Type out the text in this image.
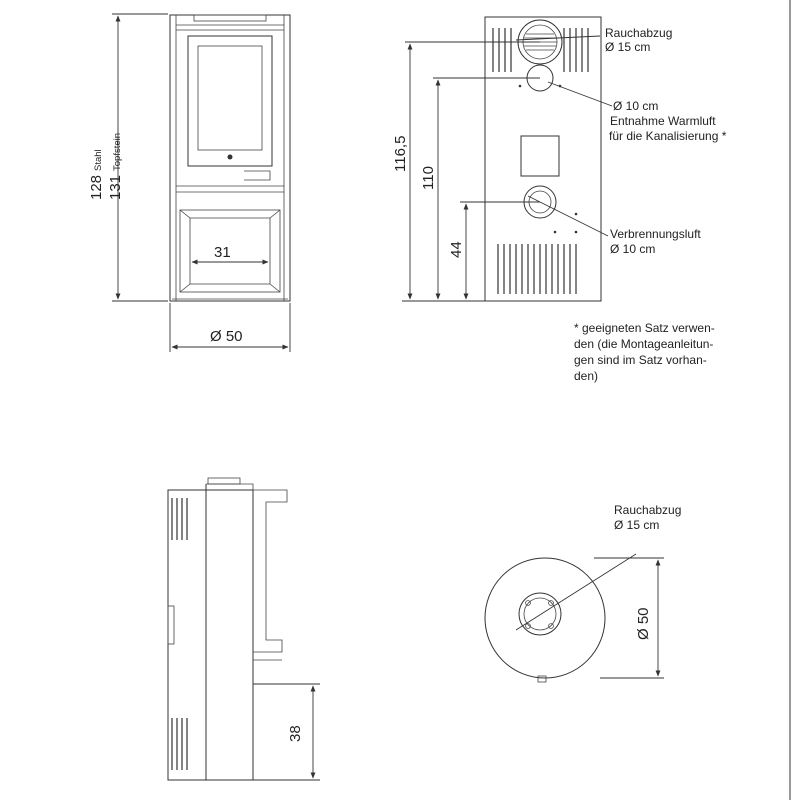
128
Stahl
131
Topfstein
31
Ø 50
116,5
110
44
Rauchabzug
Ø 15 cm
Ø 10 cm
Entnahme Warmluft
für die Kanalisierung *
Verbrennungsluft
Ø 10 cm
* geeigneten Satz verwen-
den (die Montageanleitun-
gen sind im Satz vorhan-
den)
38
Rauchabzug
Ø 15 cm
Ø 50
